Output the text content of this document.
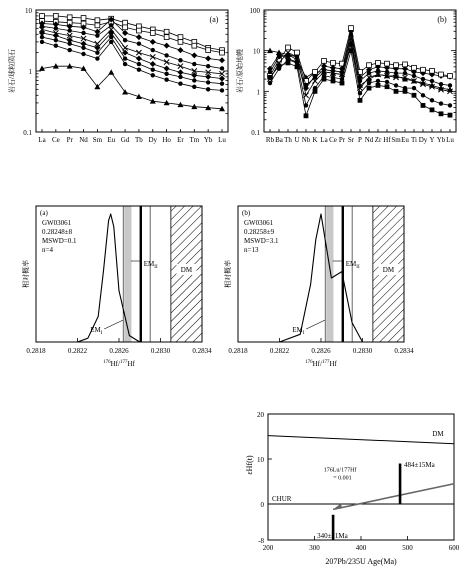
0.1
1
10
La Ce Pr Nd Sm Eu Gd Tb Dy Ho Er Tm Yb Lu
(a)
岩石/球粒陨石
0.1
1
10
100
Rb Ba Th U Nb K La Ce Pr Sr P Nd Zr Hf Sm Eu Ti Dy Y Yb Lu
(b)
岩石/原始地幔
0.2818	0.2822	0.2826	0.2830	0.2834
$^{176}$Hf/$^{177}$Hf
相对概率
(a)
GW03061
0.28248±8
MSWD=0.1
n=4
$EM_{II}$
$EM_I$
DM
0.2818	0.2822	0.2826	0.2830	0.2834
$^{176}$Hf/$^{177}$Hf
相对概率
(b)
GW03061
0.28258±9
MSWD=3.1
n=13
$EM_{II}$
$EM_I$
DM
484±15Ma
340±21Ma
DM
CHUR
176Lu/177Hf = 0.001
200	300	400	500	600
-8
0
10
20
εHf(t)
207Pb/235U Age(Ma)
